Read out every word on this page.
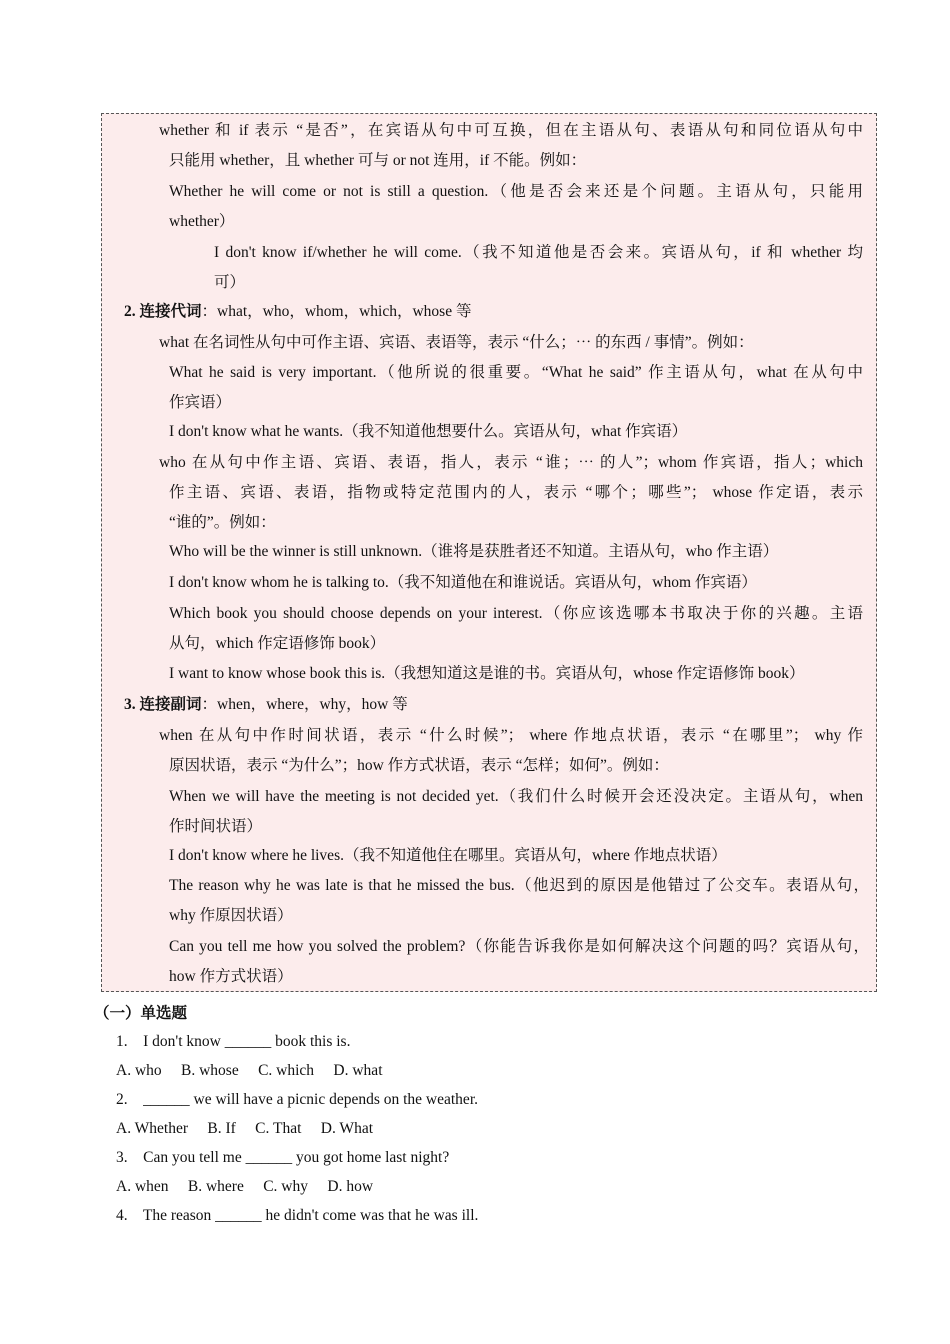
whether 和 if 表示 “是否”，在宾语从句中可互换，但在主语从句、表语从句和同位语从句中
只能用 whether，且 whether 可与 or not 连用，if 不能。例如：
Whether he will come or not is still a question.（他是否会来还是个问题。主语从句，只能用
whether）
I don't know if/whether he will come.（我不知道他是否会来。宾语从句，if 和 whether 均
可）
2. 连接代词：what，who，whom，which，whose 等
what 在名词性从句中可作主语、宾语、表语等，表示 “什么；⋯ 的东西 / 事情”。例如：
What he said is very important.（他所说的很重要。“What he said” 作主语从句，what 在从句中
作宾语）
I don't know what he wants.（我不知道他想要什么。宾语从句，what 作宾语）
who 在从句中作主语、宾语、表语，指人，表示 “谁；⋯ 的人”；whom 作宾语，指人；which
作主语、宾语、表语，指物或特定范围内的人，表示 “哪个；哪些”； whose 作定语，表示
“谁的”。例如：
Who will be the winner is still unknown.（谁将是获胜者还不知道。主语从句，who 作主语）
I don't know whom he is talking to.（我不知道他在和谁说话。宾语从句，whom 作宾语）
Which book you should choose depends on your interest.（你应该选哪本书取决于你的兴趣。主语
从句，which 作定语修饰 book）
I want to know whose book this is.（我想知道这是谁的书。宾语从句，whose 作定语修饰 book）
3. 连接副词：when，where，why，how 等
when 在从句中作时间状语，表示 “什么时候”； where 作地点状语，表示 “在哪里”； why 作
原因状语，表示 “为什么”；how 作方式状语，表示 “怎样；如何”。例如：
When we will have the meeting is not decided yet.（我们什么时候开会还没决定。主语从句，when
作时间状语）
I don't know where he lives.（我不知道他住在哪里。宾语从句，where 作地点状语）
The reason why he was late is that he missed the bus.（他迟到的原因是他错过了公交车。表语从句，
why 作原因状语）
Can you tell me how you solved the problem?（你能告诉我你是如何解决这个问题的吗？宾语从句，
how 作方式状语）
（一）单选题
1.    I don't know ______ book this is.
A. who     B. whose     C. which     D. what
2.    ______ we will have a picnic depends on the weather.
A. Whether     B. If     C. That     D. What
3.    Can you tell me ______ you got home last night?
A. when     B. where     C. why     D. how
4.    The reason ______ he didn't come was that he was ill.
